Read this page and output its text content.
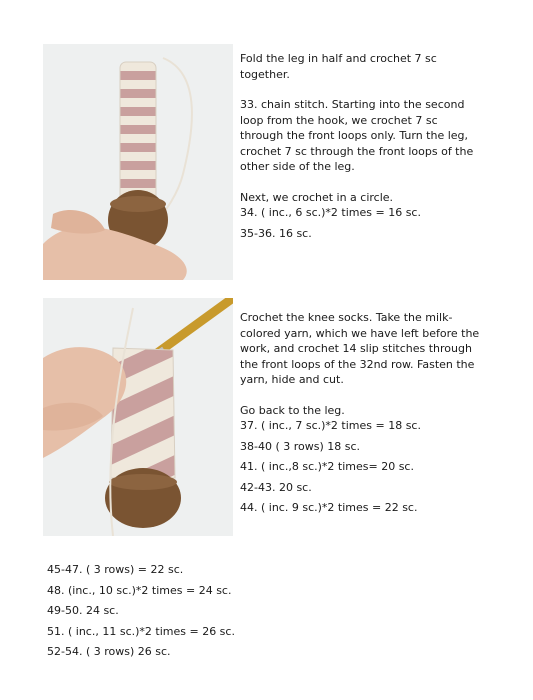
Fold the leg in half and crochet 7 sc together.

33. chain stitch. Starting into the second loop from the hook, we crochet 7 sc through the front loops only. Turn the leg, crochet 7 sc through the front loops of the other side of the leg.

Next, we crochet in a circle.

34. ( inc., 6 sc.)*2 times = 16 sc.

35-36. 16 sc.

Crochet the knee socks. Take the milk-colored yarn, which we have left before the work, and crochet 14 slip stitches through the front loops of the 32nd row. Fasten the yarn, hide and cut.

Go back to the leg.

37. ( inc., 7 sc.)*2 times = 18 sc.

38-40 ( 3 rows) 18 sc.

41. ( inc.,8 sc.)*2 times= 20 sc.

42-43. 20 sc.

44. ( inc. 9 sc.)*2 times = 22 sc.

45-47. ( 3 rows) = 22 sc.

48. (inc., 10 sc.)*2 times = 24 sc.

49-50. 24 sc.

51. ( inc., 11 sc.)*2 times = 26 sc.

52-54. ( 3 rows) 26 sc.
